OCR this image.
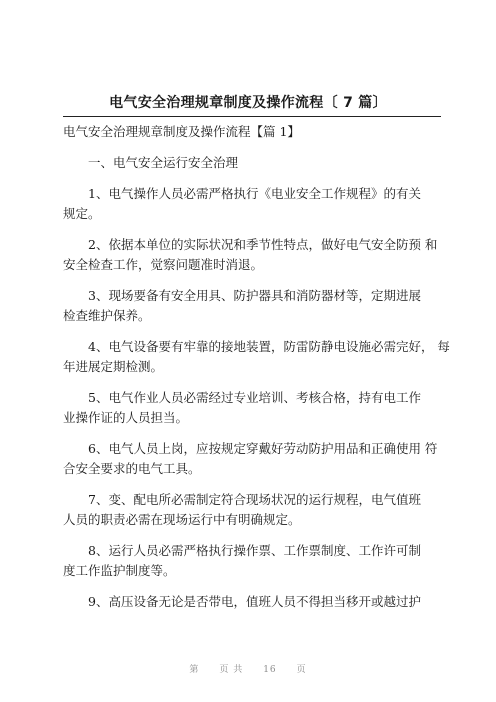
电气安全治理规章制度及操作流程〔 7 篇〕

电气安全治理规章制度及操作流程【篇 1】

一、电气安全运行安全治理

1、电气操作人员必需严格执行《电业安全工作规程》的有关
规定。

2、依据本单位的实际状况和季节性特点，做好电气安全防预 和
安全检查工作，觉察问题准时消退。

3、现场要备有安全用具、防护器具和消防器材等，定期进展
检查维护保养。

4、电气设备要有牢靠的接地装置，防雷防静电设施必需完好， 每
年进展定期检测。

5、电气作业人员必需经过专业培训、考核合格，持有电工作
业操作证的人员担当。

6、电气人员上岗，应按规定穿戴好劳动防护用品和正确使用 符
合安全要求的电气工具。

7、变、配电所必需制定符合现场状况的运行规程，电气值班
人员的职责必需在现场运行中有明确规定。

8、运行人员必需严格执行操作票、工作票制度、工作许可制
度工作监护制度等。

9、高压设备无论是否带电，值班人员不得担当移开或越过护

第 页 共 16 页
